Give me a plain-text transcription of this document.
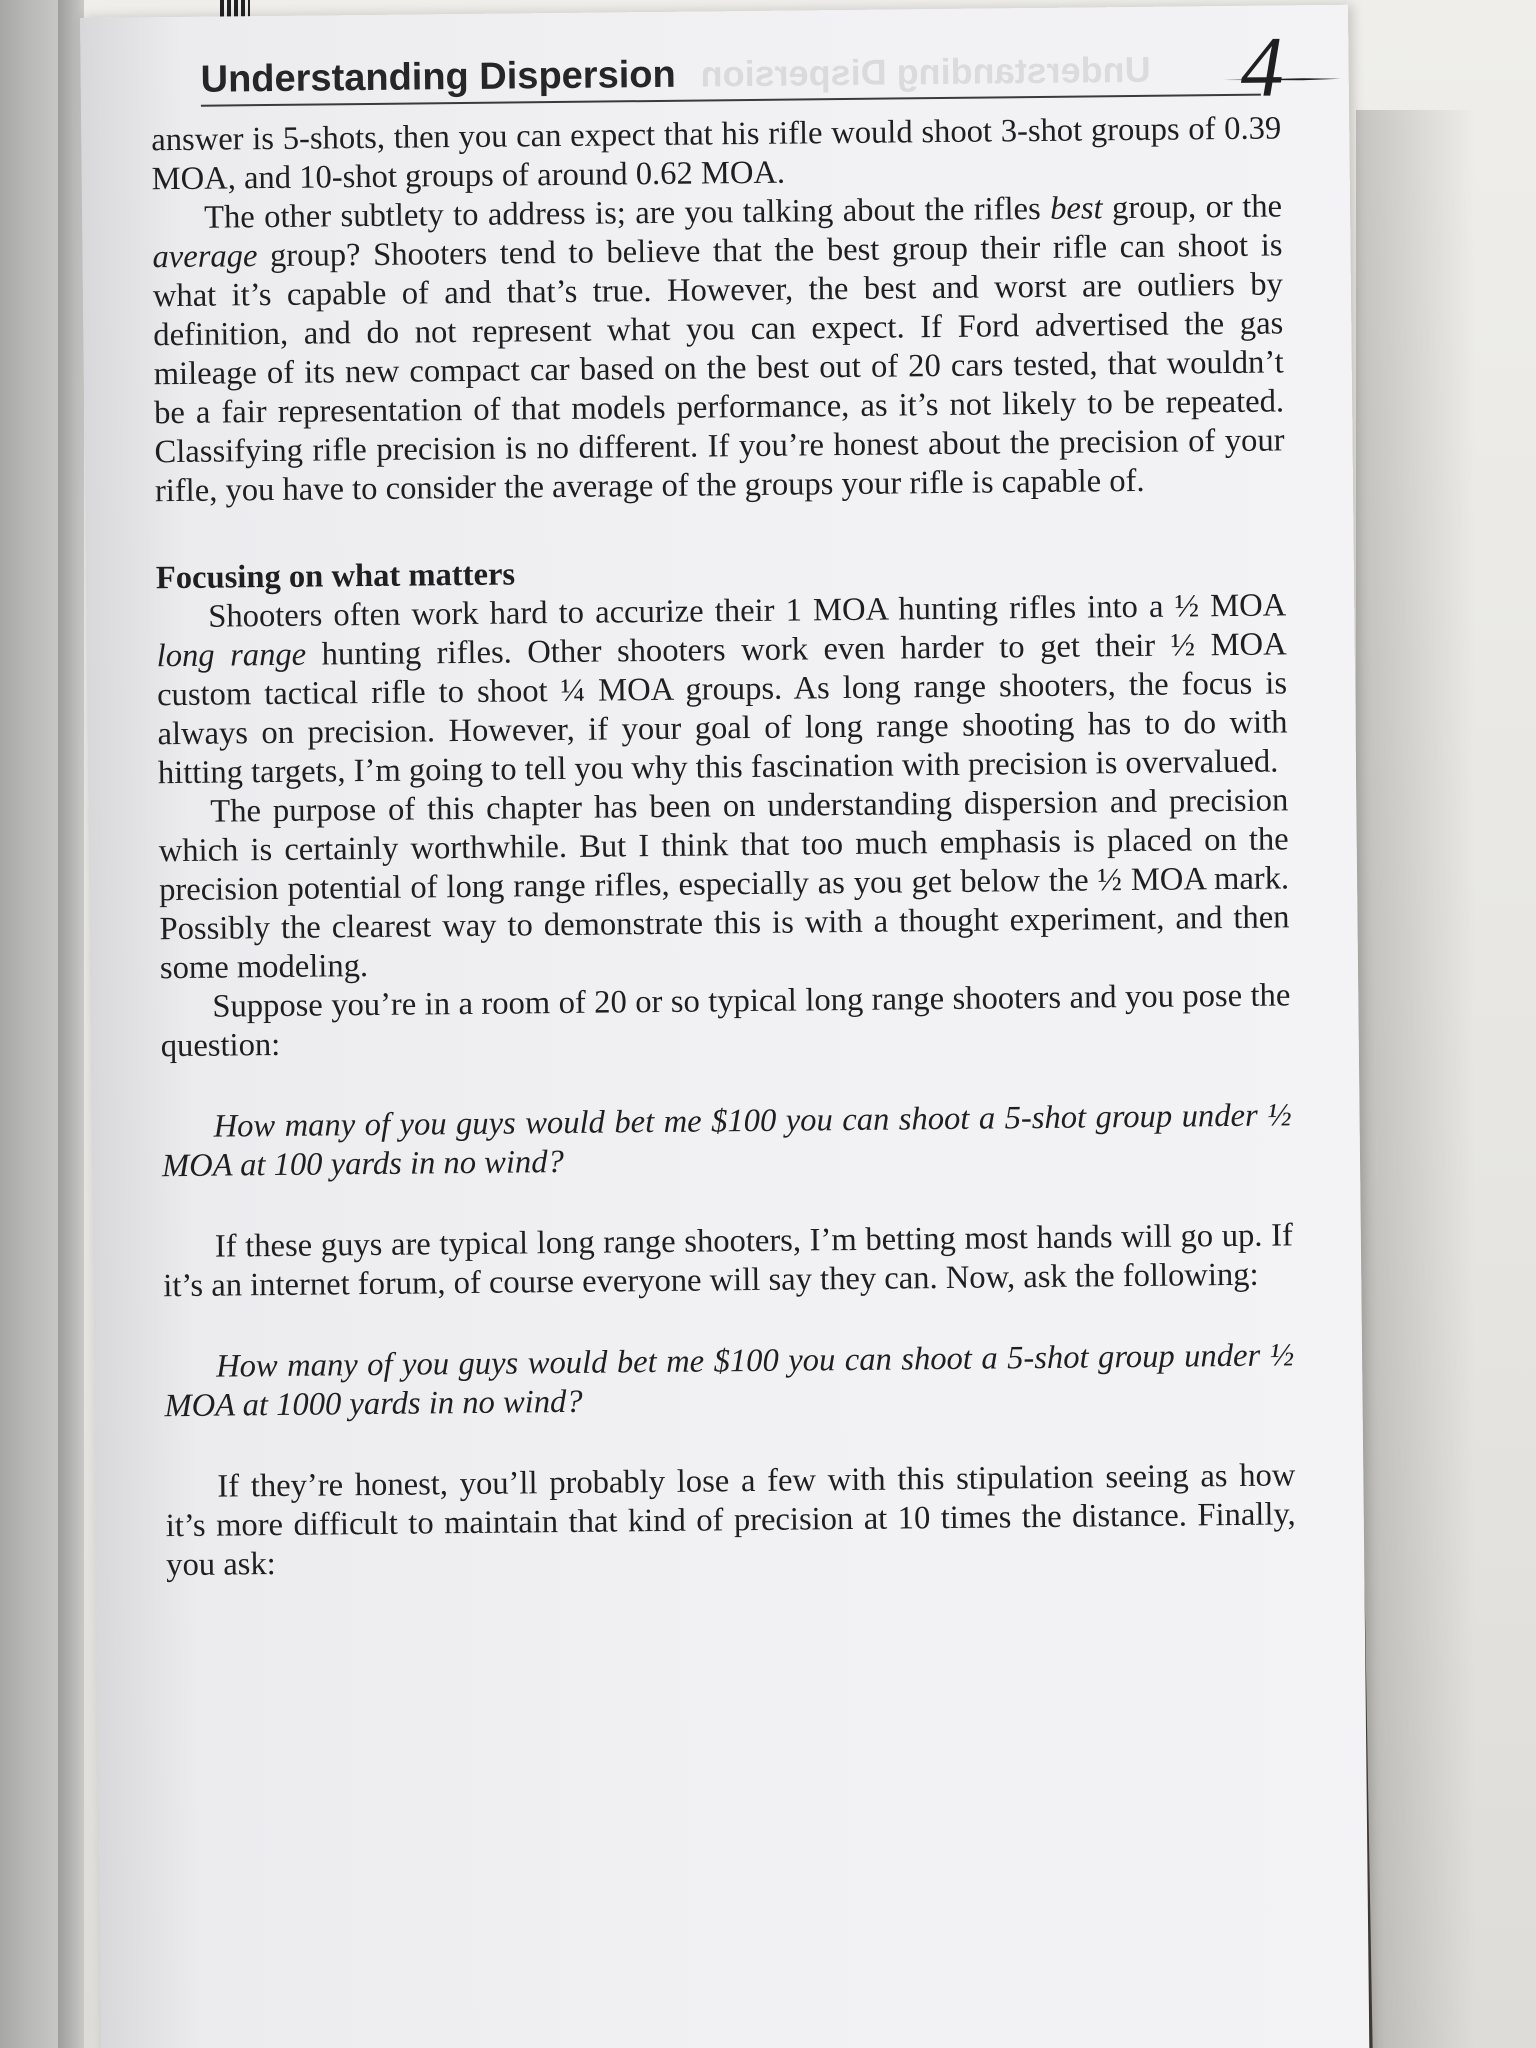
Understanding Dispersion
Understanding Dispersion	4

answer is 5-shots, then you can expect that his rifle would shoot 3-shot groups of 0.39 MOA, and 10-shot groups of around 0.62 MOA.

The other subtlety to address is; are you talking about the rifles best group, or the average group? Shooters tend to believe that the best group their rifle can shoot is what it’s capable of and that’s true. However, the best and worst are outliers by definition, and do not represent what you can expect. If Ford advertised the gas mileage of its new compact car based on the best out of 20 cars tested, that wouldn’t be a fair representation of that models performance, as it’s not likely to be repeated. Classifying rifle precision is no different. If you’re honest about the precision of your rifle, you have to consider the average of the groups your rifle is capable of.

Focusing on what matters

Shooters often work hard to accurize their 1 MOA hunting rifles into a ½ MOA long range hunting rifles. Other shooters work even harder to get their ½ MOA custom tactical rifle to shoot ¼ MOA groups. As long range shooters, the focus is always on precision. However, if your goal of long range shooting has to do with hitting targets, I’m going to tell you why this fascination with precision is overvalued.

The purpose of this chapter has been on understanding dispersion and precision which is certainly worthwhile. But I think that too much emphasis is placed on the precision potential of long range rifles, especially as you get below the ½ MOA mark. Possibly the clearest way to demonstrate this is with a thought experiment, and then some modeling.

Suppose you’re in a room of 20 or so typical long range shooters and you pose the question:

How many of you guys would bet me $100 you can shoot a 5-shot group under ½ MOA at 100 yards in no wind?

If these guys are typical long range shooters, I’m betting most hands will go up. If it’s an internet forum, of course everyone will say they can. Now, ask the following:

How many of you guys would bet me $100 you can shoot a 5-shot group under ½ MOA at 1000 yards in no wind?

If they’re honest, you’ll probably lose a few with this stipulation seeing as how it’s more difficult to maintain that kind of precision at 10 times the distance. Finally, you ask:
